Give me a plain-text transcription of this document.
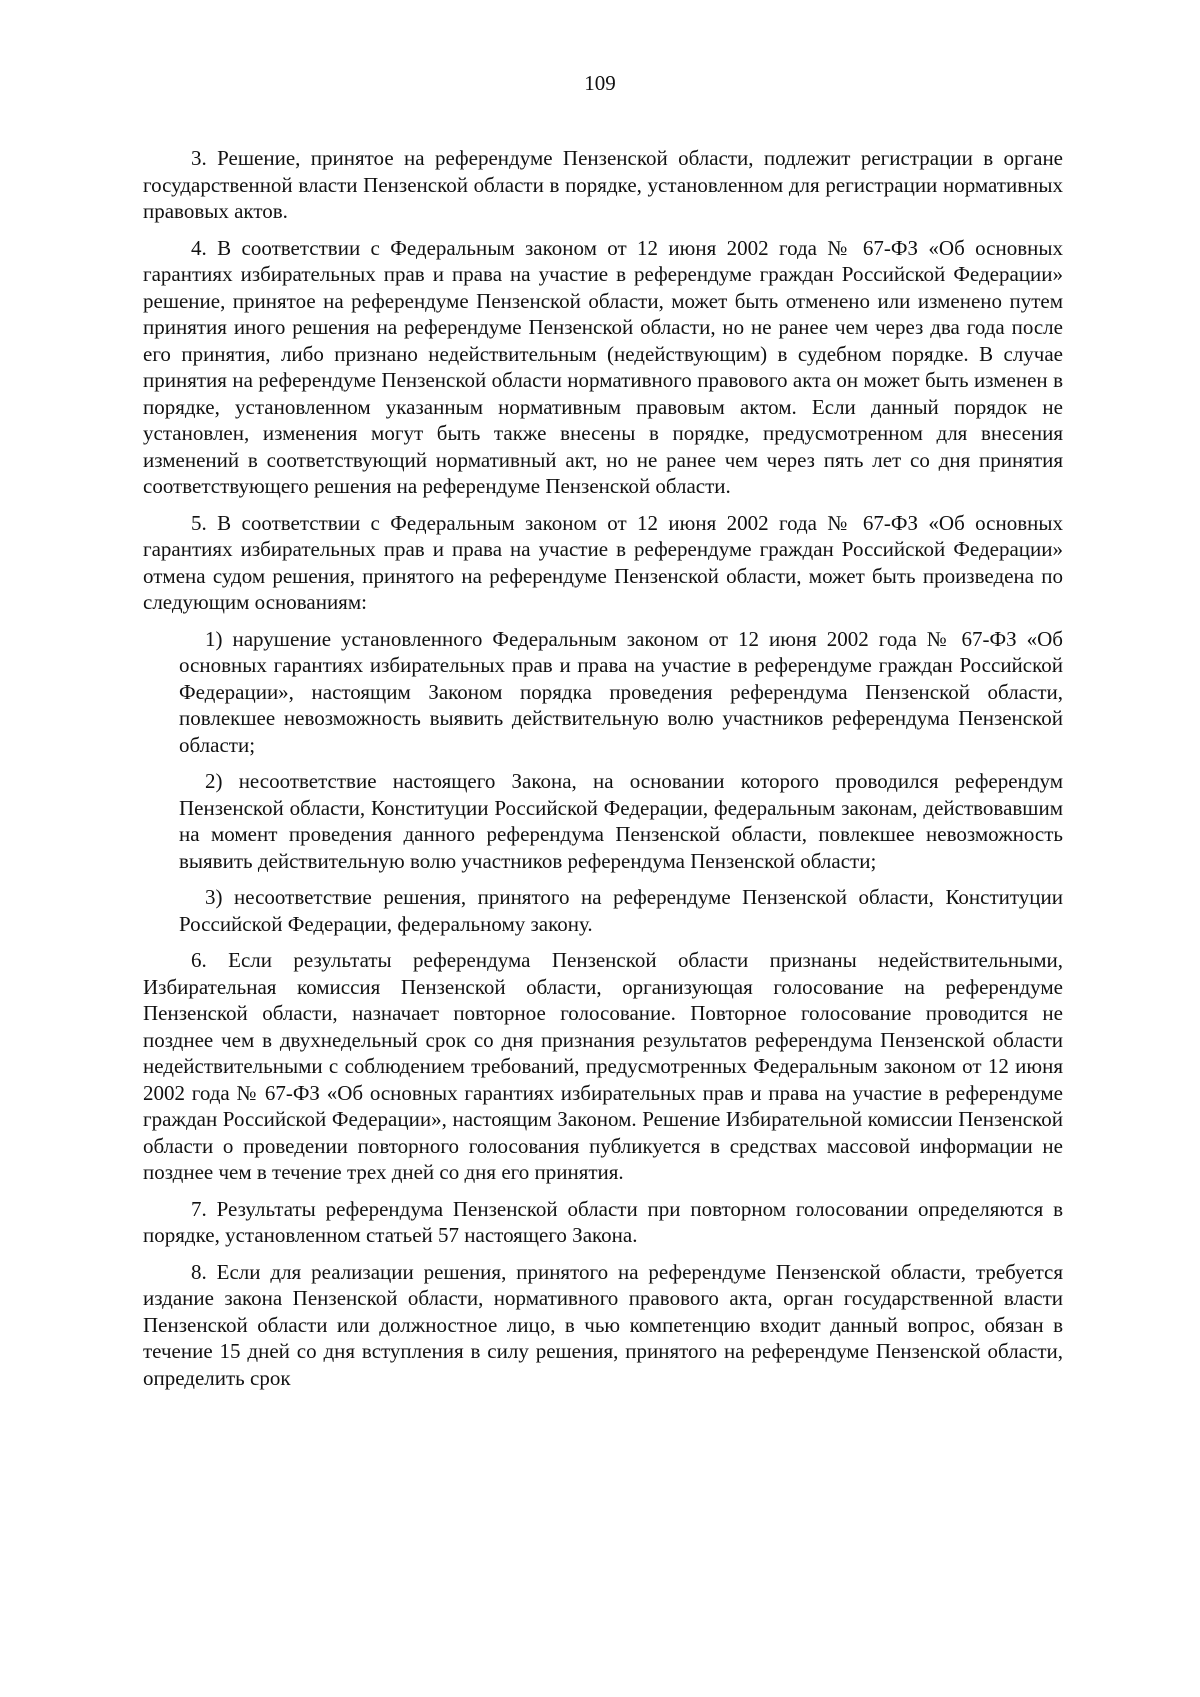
109

3. Решение, принятое на референдуме Пензенской области, подлежит регистрации в органе государственной власти Пензенской области в порядке, установленном для регистрации нормативных правовых актов.

4. В соответствии с Федеральным законом от 12 июня 2002 года № 67-ФЗ «Об основных гарантиях избирательных прав и права на участие в референдуме граждан Российской Федерации» решение, принятое на референдуме Пензенской области, может быть отменено или изменено путем принятия иного решения на референдуме Пензенской области, но не ранее чем через два года после его принятия, либо признано недействительным (недействующим) в судебном порядке. В случае принятия на референдуме Пензенской области нормативного правового акта он может быть изменен в порядке, установленном указанным нормативным правовым актом. Если данный порядок не установлен, изменения могут быть также внесены в порядке, предусмотренном для внесения изменений в соответствующий нормативный акт, но не ранее чем через пять лет со дня принятия соответствующего решения на референдуме Пензенской области.

5. В соответствии с Федеральным законом от 12 июня 2002 года № 67-ФЗ «Об основных гарантиях избирательных прав и права на участие в референдуме граждан Российской Федерации» отмена судом решения, принятого на референдуме Пензенской области, может быть произведена по следующим основаниям:

1) нарушение установленного Федеральным законом от 12 июня 2002 года № 67-ФЗ «Об основных гарантиях избирательных прав и права на участие в референдуме граждан Российской Федерации», настоящим Законом порядка проведения референдума Пензенской области, повлекшее невозможность выявить действительную волю участников референдума Пензенской области;

2) несоответствие настоящего Закона, на основании которого проводился референдум Пензенской области, Конституции Российской Федерации, федеральным законам, действовавшим на момент проведения данного референдума Пензенской области, повлекшее невозможность выявить действительную волю участников референдума Пензенской области;

3) несоответствие решения, принятого на референдуме Пензенской области, Конституции Российской Федерации, федеральному закону.

6. Если результаты референдума Пензенской области признаны недействительными, Избирательная комиссия Пензенской области, организующая голосование на референдуме Пензенской области, назначает повторное голосование. Повторное голосование проводится не позднее чем в двухнедельный срок со дня признания результатов референдума Пензенской области недействительными с соблюдением требований, предусмотренных Федеральным законом от 12 июня 2002 года № 67-ФЗ «Об основных гарантиях избирательных прав и права на участие в референдуме граждан Российской Федерации», настоящим Законом. Решение Избирательной комиссии Пензенской области о проведении повторного голосования публикуется в средствах массовой информации не позднее чем в течение трех дней со дня его принятия.

7. Результаты референдума Пензенской области при повторном голосовании определяются в порядке, установленном статьей 57 настоящего Закона.

8. Если для реализации решения, принятого на референдуме Пензенской области, требуется издание закона Пензенской области, нормативного правового акта, орган государственной власти Пензенской области или должностное лицо, в чью компетенцию входит данный вопрос, обязан в течение 15 дней со дня вступления в силу решения, принятого на референдуме Пензенской области, определить срок
